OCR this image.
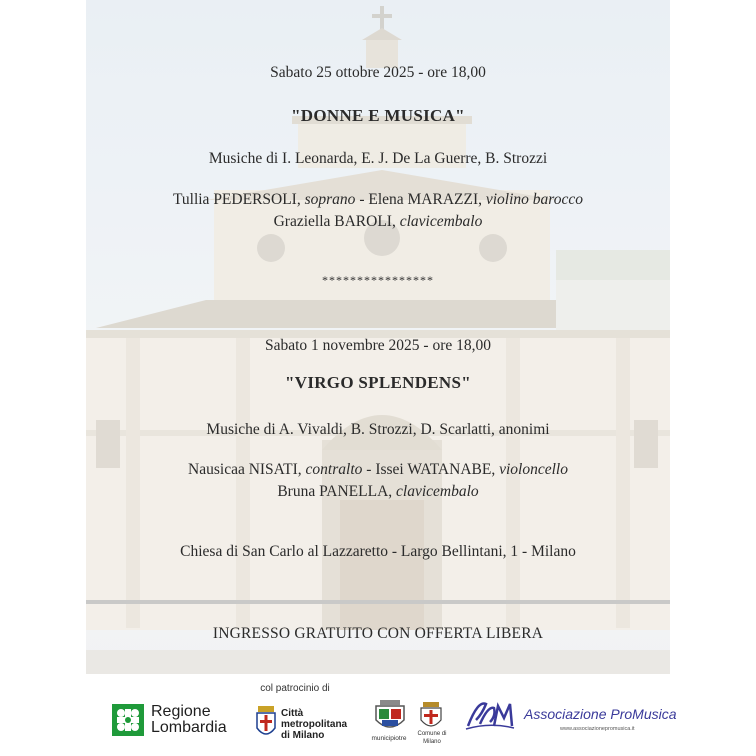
Sabato 25 ottobre 2025 - ore 18,00
"DONNE E MUSICA"
Musiche di I. Leonarda, E. J. De La Guerre, B. Strozzi
Tullia PEDERSOLI, soprano - Elena MARAZZI, violino barocco
Graziella BAROLI, clavicembalo
****************
Sabato 1 novembre 2025 - ore 18,00
"VIRGO SPLENDENS"
Musiche di A. Vivaldi, B. Strozzi, D. Scarlatti, anonimi
Nausicaa NISATI, contralto - Issei WATANABE, violoncello
Bruna PANELLA, clavicembalo
Chiesa di San Carlo al Lazzaretto - Largo Bellintani, 1 - Milano
INGRESSO GRATUITO CON OFFERTA LIBERA
col patrocinio di
Regione
Lombardia
Città
metropolitana
di Milano	municipiotre
Comune di
Milano
Associazione ProMusica
www.associazionepromusica.it
